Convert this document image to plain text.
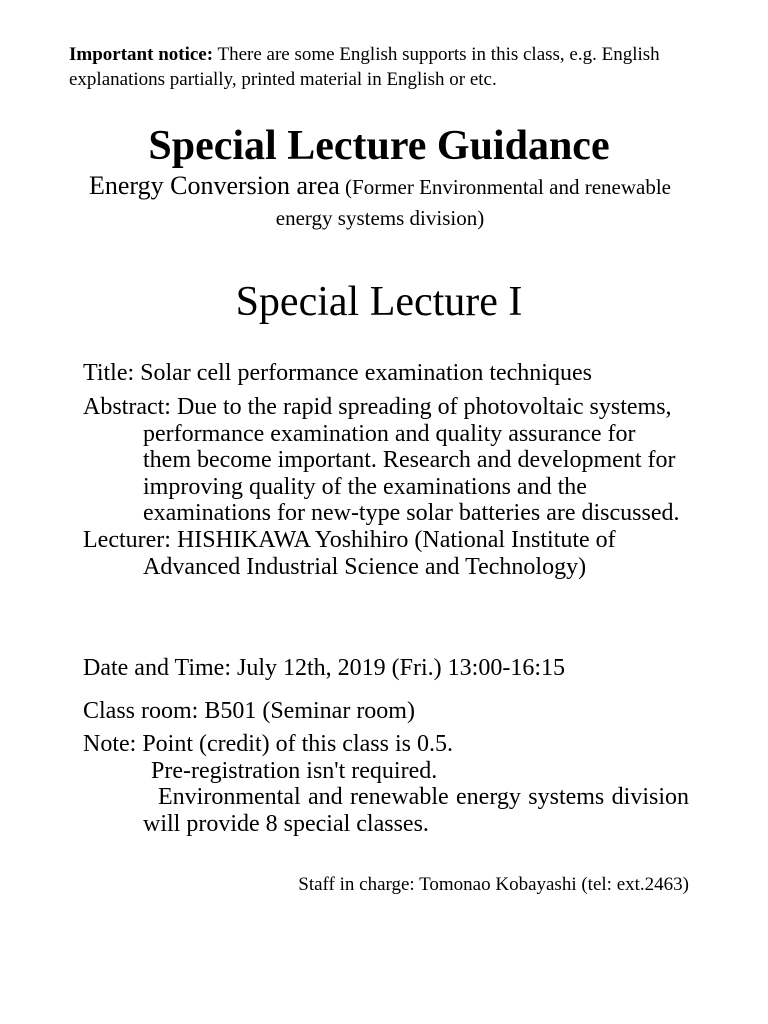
Important notice: There are some English supports in this class, e.g. English explanations partially, printed material in English or etc.
Special Lecture Guidance
Energy Conversion area (Former Environmental and renewable energy systems division)
Special Lecture I
Title: Solar cell performance examination techniques
Abstract: Due to the rapid spreading of photovoltaic systems, performance examination and quality assurance for them become important. Research and development for improving quality of the examinations and the examinations for new-type solar batteries are discussed.
Lecturer: HISHIKAWA Yoshihiro (National Institute of Advanced Industrial Science and Technology)
Date and Time: July 12th, 2019 (Fri.) 13:00-16:15
Class room: B501 (Seminar room)
Note: Point (credit) of this class is 0.5.
Pre-registration isn't required.
Environmental and renewable energy systems division will provide 8 special classes.
Staff in charge: Tomonao Kobayashi (tel: ext.2463)
